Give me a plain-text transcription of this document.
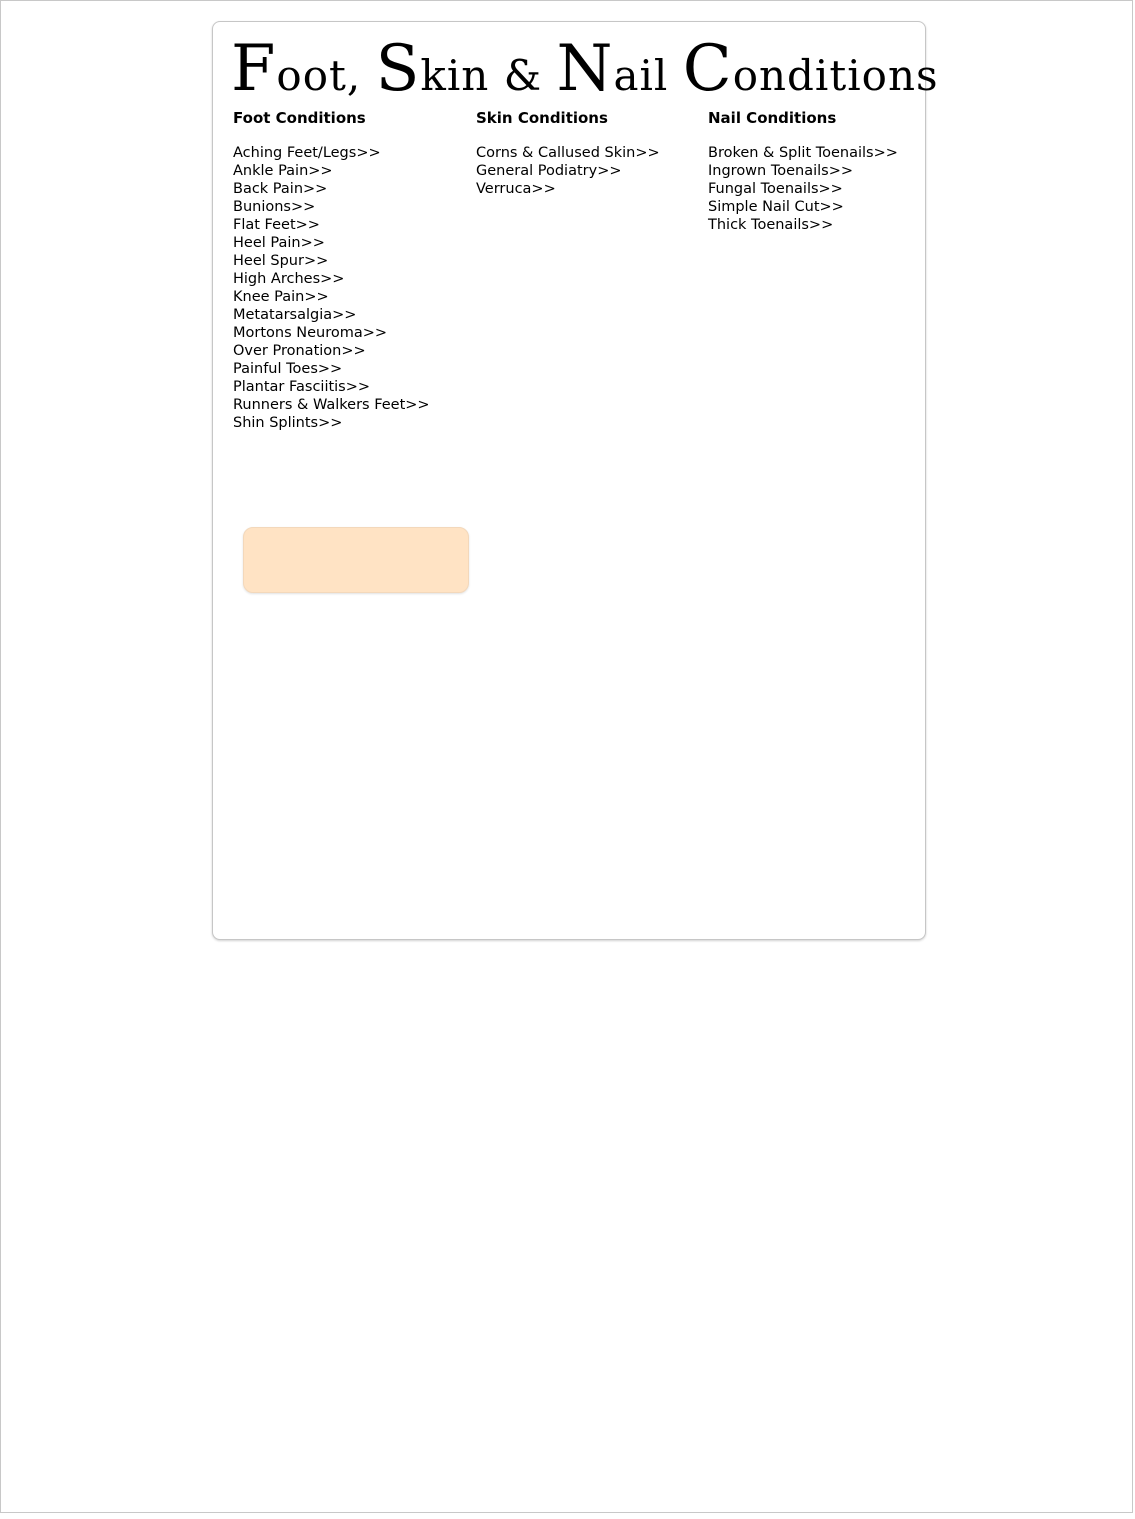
Foot, Skin & Nail Conditions
Foot Conditions
Aching Feet/Legs>>
Ankle Pain>>
Back Pain>>
Bunions>>
Flat Feet>>
Heel Pain>>
Heel Spur>>
High Arches>>
Knee Pain>>
Metatarsalgia>>
Mortons Neuroma>>
Over Pronation>>
Painful Toes>>
Plantar Fasciitis>>
Runners & Walkers Feet>>
Shin Splints>>
Skin Conditions
Corns & Callused Skin>>
General Podiatry>>
Verruca>>
Nail Conditions
Broken & Split Toenails>>
Ingrown Toenails>>
Fungal Toenails>>
Simple Nail Cut>>
Thick Toenails>>
